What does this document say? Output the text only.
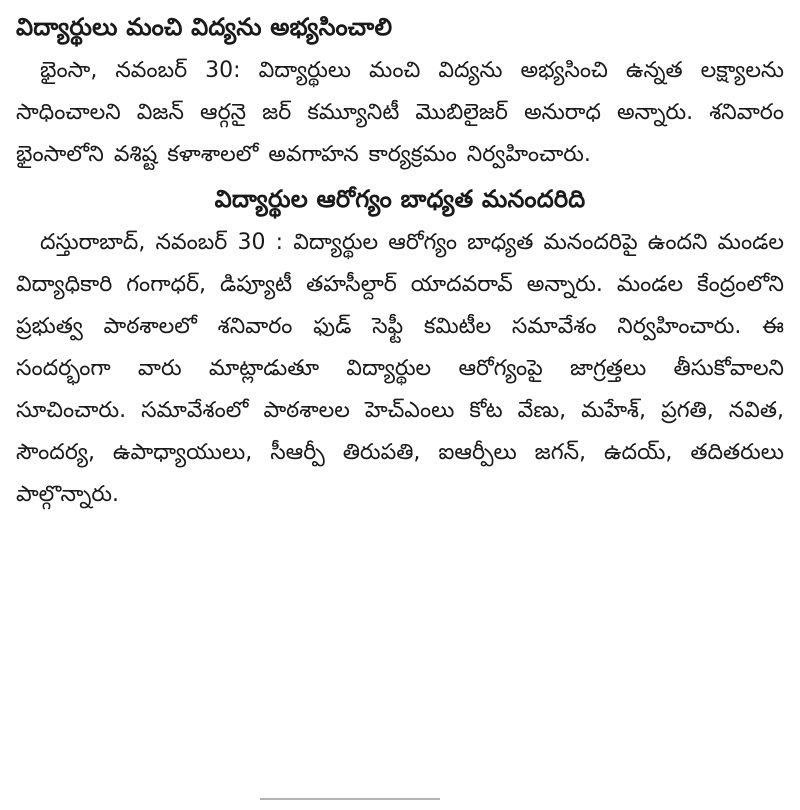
విద్యార్థులు మంచి విద్యను అభ్యసించాలి

భైంసా, నవంబర్ 30: విద్యార్థులు మంచి విద్యను అభ్యసించి ఉన్నత లక్ష్యాలను సాధించాలని విజన్ ఆర్గనై జర్ కమ్యూనిటీ మొబిలైజర్ అనురాధ అన్నారు. శనివారం భైంసాలోని వశిష్ట కళాశాలలో అవగాహన కార్యక్రమం నిర్వహించారు.

విద్యార్థుల ఆరోగ్యం బాధ్యత మనందరిది

దస్తురాబాద్, నవంబర్ 30 : విద్యార్థుల ఆరోగ్యం బాధ్యత మనందరిపై ఉందని మండల విద్యాధికారి గంగాధర్, డిప్యూటీ తహసీల్దార్ యాదవరావ్ అన్నారు. మండల కేంద్రంలోని ప్రభుత్వ పాఠశాలలో శనివారం ఫుడ్ సెఫ్టీ కమిటీల సమావేశం నిర్వహించారు. ఈ సందర్భంగా వారు మాట్లాడుతూ విద్యార్థుల ఆరోగ్యంపై జాగ్రత్తలు తీసుకోవాలని సూచించారు. సమావేశంలో పాఠశాలల హెచ్ఎంలు కోట వేణు, మహేశ్, ప్రగతి, నవిత, సౌందర్య, ఉపాధ్యాయులు, సీఆర్పీ తిరుపతి, ఐఆర్పీలు జగన్, ఉదయ్, తదితరులు పాల్గొన్నారు.
